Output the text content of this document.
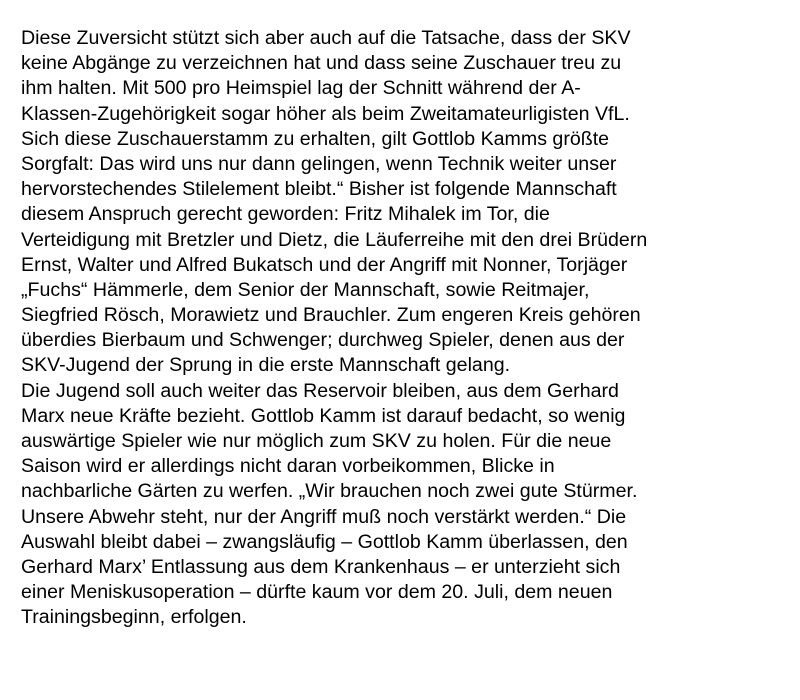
Diese Zuversicht stützt sich aber auch auf die Tatsache, dass der SKV
keine Abgänge zu verzeichnen hat und dass seine Zuschauer treu zu
ihm halten. Mit 500 pro Heimspiel lag der Schnitt während der A-
Klassen-Zugehörigkeit sogar höher als beim Zweitamateurligisten VfL.
Sich diese Zuschauerstamm zu erhalten, gilt Gottlob Kamms größte
Sorgfalt: Das wird uns nur dann gelingen, wenn Technik weiter unser
hervorstechendes Stilelement bleibt.“ Bisher ist folgende Mannschaft
diesem Anspruch gerecht geworden: Fritz Mihalek im Tor, die
Verteidigung mit Bretzler und Dietz, die Läuferreihe mit den drei Brüdern
Ernst, Walter und Alfred Bukatsch und der Angriff mit Nonner, Torjäger
„Fuchs“ Hämmerle, dem Senior der Mannschaft, sowie Reitmajer,
Siegfried Rösch, Morawietz und Brauchler. Zum engeren Kreis gehören
überdies Bierbaum und Schwenger; durchweg Spieler, denen aus der
SKV-Jugend der Sprung in die erste Mannschaft gelang.
Die Jugend soll auch weiter das Reservoir bleiben, aus dem Gerhard
Marx neue Kräfte bezieht. Gottlob Kamm ist darauf bedacht, so wenig
auswärtige Spieler wie nur möglich zum SKV zu holen. Für die neue
Saison wird er allerdings nicht daran vorbeikommen, Blicke in
nachbarliche Gärten zu werfen. „Wir brauchen noch zwei gute Stürmer.
Unsere Abwehr steht, nur der Angriff muß noch verstärkt werden.“ Die
Auswahl bleibt dabei – zwangsläufig – Gottlob Kamm überlassen, den
Gerhard Marx’ Entlassung aus dem Krankenhaus – er unterzieht sich
einer Meniskusoperation – dürfte kaum vor dem 20. Juli, dem neuen
Trainingsbeginn, erfolgen.
